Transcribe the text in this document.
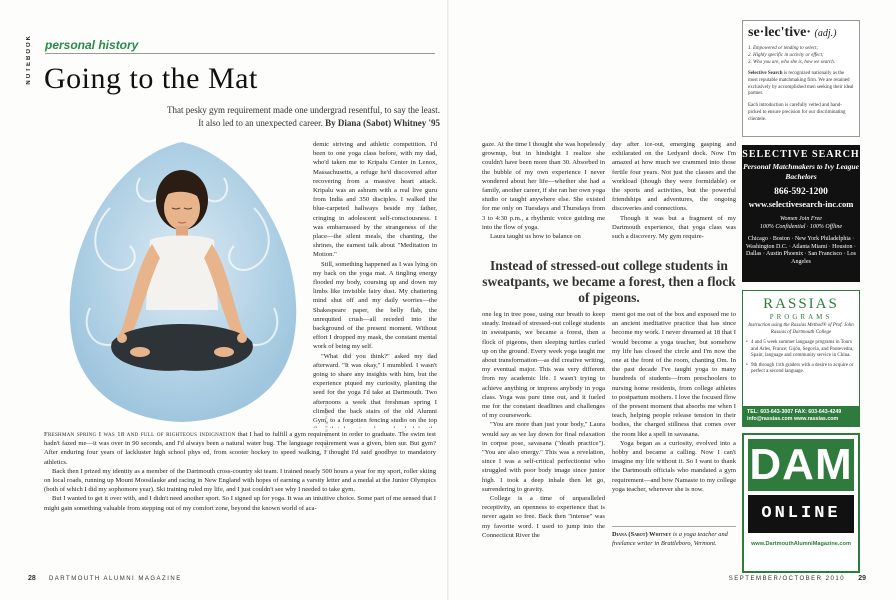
NOTEBOOK	personal history
Going to the Mat
That pesky gym requirement made one undergrad resentful, to say the least.
It also led to an unexpected career. By Diana (Sabot) Whitney '95
LEON ZERNITSKY

demic striving and athletic competition. I'd been to one yoga class before, with my dad, who'd taken me to Kripalu Center in Lenox, Massachusetts, a refuge he'd discovered after recovering from a massive heart attack. Kripalu was an ashram with a real live guru from India and 350 disciples. I walked the blue-carpeted hallways beside my father, cringing in adolescent self-consciousness. I was embarrassed by the strangeness of the place—the silent meals, the chanting, the shrines, the earnest talk about "Meditation in Motion."

Still, something happened as I was lying on my back on the yoga mat. A tingling energy flooded my body, coursing up and down my limbs like invisible fairy dust. My chattering mind shut off and my daily worries—the Shakespeare paper, the belly flab, the unrequited crush—all receded into the background of the present moment. Without effort I dropped my mask, the constant mental work of being my self.

"What did you think?" asked my dad afterward. "It was okay," I mumbled. I wasn't going to share any insights with him, but the experience piqued my curiosity, planting the seed for the yoga I'd take at Dartmouth. Two afternoons a week that freshman spring I climbed the back stairs of the old Alumni Gym, to a forgotten fencing studio on the top

Freshman spring I was 18 and full of righteous indignation that I had to fulfill a gym requirement in order to graduate. The swim test hadn't fazed me—it was over in 90 seconds, and I'd always been a natural water bug. The language requirement was a given, bien sur. But gym? After enduring four years of lackluster high school phys ed, from scooter hockey to speed walking, I thought I'd said goodbye to mandatory athletics.

Back then I prized my identity as a member of the Dartmouth cross-country ski team. I trained nearly 500 hours a year for my sport, roller skiing on local roads, running up Mount Moosilauke and racing in New England with hopes of earning a varsity letter and a medal at the Junior Olympics (both of which I did my sophomore year). Ski training ruled my life, and I just couldn't see why I needed to take gym.

But I wanted to get it over with, and I didn't need another sport. So I signed up for yoga. It was an intuitive choice. Some part of me sensed that I might gain something valuable from stepping out of my comfort zone, beyond the known world of aca-

gaze. At the time I thought she was hopelessly grownup, but in hindsight I realize she couldn't have been more than 30. Absorbed in the bubble of my own experience I never wondered about her life—whether she had a family, another career, if she ran her own yoga studio or taught anywhere else. She existed for me only on Tuesdays and Thursdays from 3 to 4:30 p.m., a rhythmic voice guiding me into the flow of yoga.

Laura taught us how to balance on

day after ice-out, emerging gasping and exhilarated on the Ledyard dock. Now I'm amazed at how much we crammed into those fertile four years. Not just the classes and the workload (though they were formidable) or the sports and activities, but the powerful friendships and adventures, the ongoing discoveries and connections.

Though it was but a fragment of my Dartmouth experience, that yoga class was such a discovery. My gym require-

Instead of stressed-out college students in sweatpants, we became a forest, then a flock of pigeons.

one leg in tree pose, using our breath to keep steady. Instead of stressed-out college students in sweatpants, we became a forest, then a flock of pigeons, then sleeping turtles curled up on the ground. Every week yoga taught me about transformation—as did creative writing, my eventual major. This was very different from my academic life. I wasn't trying to achieve anything or impress anybody in yoga class. Yoga was pure time out, and it fueled me for the constant deadlines and challenges of my coursework.

"You are more than just your body," Laura would say as we lay down for final relaxation in corpse pose, savasana ("death practice"). "You are also energy." This was a revelation, since I was a self-critical perfectionist who struggled with poor body image since junior high. I took a deep inhale then let go, surrendering to gravity.

College is a time of unparalleled receptivity, an openness to experience that is never again so free. Back then "intense" was my favorite word. I used to jump into the Connecticut River the

ment got me out of the box and exposed me to an ancient meditative practice that has since become my work. I never dreamed at 18 that I would become a yoga teacher, but somehow my life has closed the circle and I'm now the one at the front of the room, chanting Om. In the past decade I've taught yoga to many hundreds of students—from preschoolers to nursing home residents, from college athletes to postpartum mothers. I love the focused flow of the present moment that absorbs me when I teach, helping people release tension in their bodies, the charged stillness that comes over the room like a spell in savasana.

Yoga began as a curiosity, evolved into a hobby and became a calling. Now I can't imagine my life without it. So I want to thank the Dartmouth officials who mandated a gym requirement—and bow Namaste to my college yoga teacher, wherever she is now.

Diana (Sabot) Whitney is a yoga teacher and freelance writer in Brattleboro, Vermont.
28 DARTMOUTH ALUMNI MAGAZINE	SEPTEMBER/OCTOBER 2010 29
se·lec'tive· (adj.)
1. Empowered or tending to select;
2. Highly specific in activity or effect;
3. Who you are, who she is, how we search.
Selective Search is recognized nationally as the most reputable matchmaking firm. We are retained exclusively by accomplished men seeking their ideal partner.
Each introduction is carefully vetted and hand-picked to ensure precision for our discriminating clientele.
SELECTIVE SEARCH
Personal Matchmakers to Ivy League Bachelors
866-592-1200
www.selectivesearch-inc.com
Women Join Free
100% Confidential · 100% Offline
Chicago · Boston · New York Philadelphia · Washington D.C. · Atlanta Miami · Houston · Dallas · Austin Phoenix · San Francisco · Los Angeles
RASSIAS
PROGRAMS
Instruction using the Rassias Method® of Prof. John Rassias of Dartmouth College
• 4 and 5 week summer language programs in Tours and Arles, France; Gijón, Segovia, and Pontevedra, Spain; language and community service in China.
• 9th through 11th graders with a desire to acquire or perfect a second language.
TEL: 603-643-3007 FAX: 603-643-4249
info@rassias.com www.rassias.com
DAM
ONLINE
www.DartmouthAlumniMagazine.com
